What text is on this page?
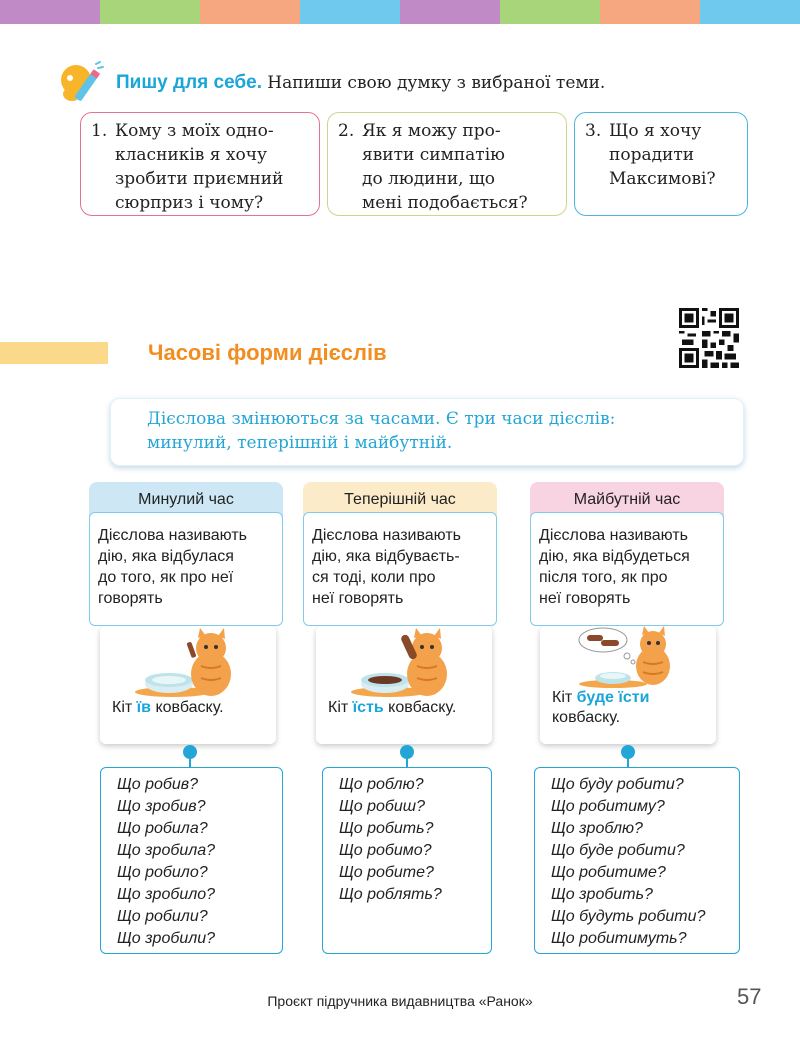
Пишу для себе. Напиши свою думку з вибраної теми.
1. Кому з моїх одно-
класників я хочу
зробити приємний
сюрприз і чому?
2. Як я можу про-
явити симпатію
до людини, що
мені подобається?
3. Що я хочу
порадити
Максимові?
Часові форми дієслів
Дієслова змінюються за часами. Є три часи дієслів:
минулий, теперішній і майбутній.
Минулий час
Дієслова називають
дію, яка відбулася
до того, як про неї
говорять
Кіт їв ковбаску.
Що робив?
Що зробив?
Що робила?
Що зробила?
Що робило?
Що зробило?
Що робили?
Що зробили?
Теперішній час
Дієслова називають
дію, яка відбуваєть-
ся тоді, коли про
неї говорять
Кіт їсть ковбаску.
Що роблю?
Що робиш?
Що робить?
Що робимо?
Що робите?
Що роблять?
Майбутній час
Дієслова називають
дію, яка відбудеться
після того, як про
неї говорять
Кіт буде їсти
ковбаску.
Що буду робити?
Що робитиму?
Що зроблю?
Що буде робити?
Що робитиме?
Що зробить?
Що будуть робити?
Що робитимуть?
Проєкт підручника видавництва «Ранок»	57
